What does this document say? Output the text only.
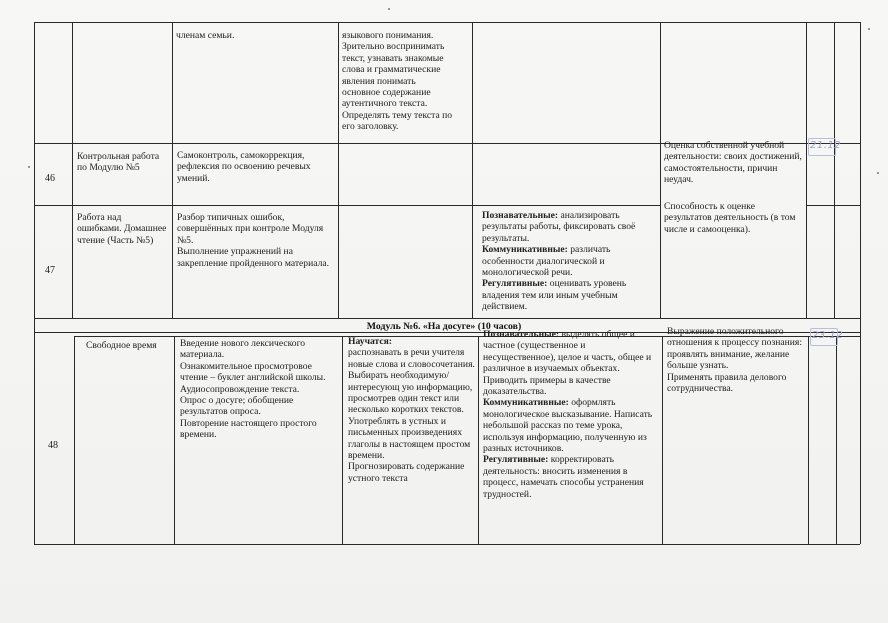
членам семьи.	языкового понимания.

Зрительно воспринимать

текст, узнавать знакомые

слова и грамматические

явления понимать

основное содержание

аутентичного текста.

Определять тему текста по

его заголовку.

46
Контрольная работа по Модулю №5
Самоконтроль, самокоррекция, рефлексия по освоению речевых умений.
Оценка собственной учебной деятельности: своих достижений, самостоятельности, причин неудач.
21.12
47
Работа над ошибками. Домашнее чтение (Часть №5)

Разбор типичных ошибок, совершённых при контроле Модуля №5.

Выполнение упражнений на закрепление пройденного материала.

Познавательные: анализировать результаты работы, фиксировать своё результаты.

Коммуникативные: различать особенности диалогической и монологической речи.

Регулятивные: оценивать уровень владения тем или иным учебным действием.

Способность к оценке результатов деятельность (в том числе и самооценка).
Модуль №6. «На досуге» (10 часов)
48
Свободное время	Введение нового лексического материала.

Ознакомительное просмотровое чтение – буклет английской школы.

Аудиосопровождение текста.

Опрос о досуге; обобщение результатов опроса.

Повторение настоящего простого времени.

Научатся:

распознавать в речи учителя новые слова и словосочетания.

Выбирать необходимую/интересующ ую информацию, просмотрев один текст или несколько коротких текстов.

Употреблять в устных и письменных произведениях глаголы в настоящем простом времени.

Прогнозировать содержание устного текста

Познавательные: выделять общее и частное (существенное и несущественное), целое и часть, общее и различное в изучаемых объектах. Приводить примеры в качестве доказательства.

Коммуникативные: оформлять монологическое высказывание. Написать небольшой рассказ по теме урока, используя информацию, полученную из разных источников.

Регулятивные: корректировать деятельность: вносить изменения в процесс, намечать способы устранения трудностей.

Выражение положительного отношения к процессу познания: проявлять внимание, желание больше узнать.

Применять правила делового сотрудничества.

23.12
